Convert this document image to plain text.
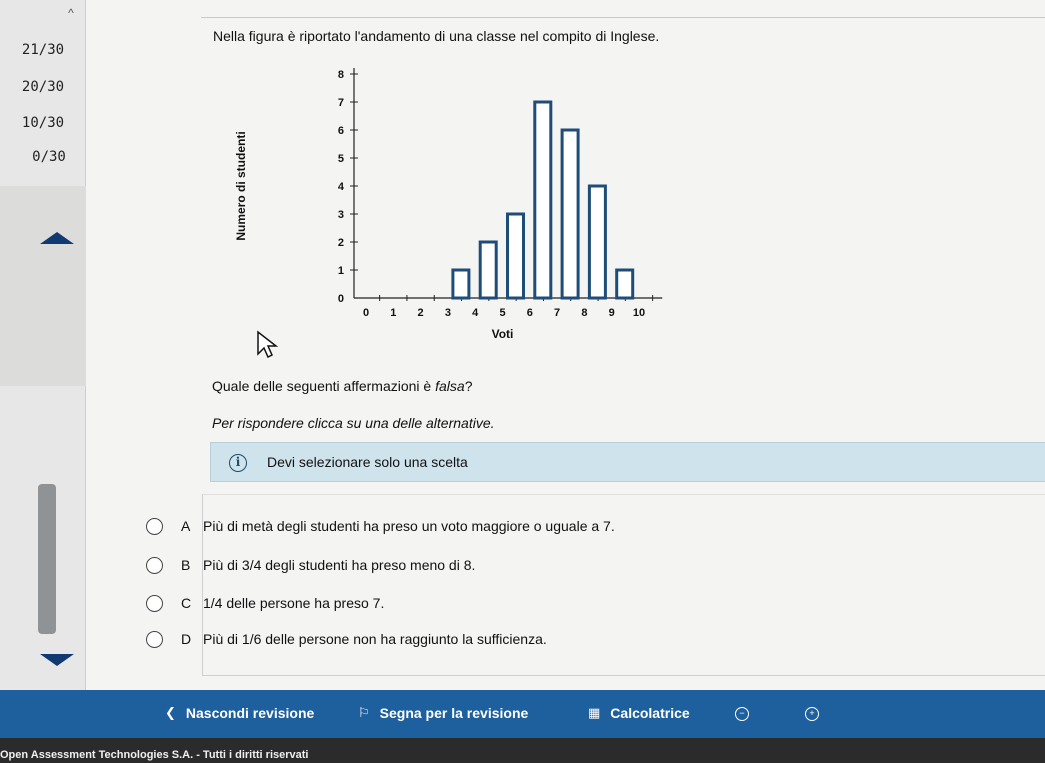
^
21/30
20/30
10/30
0/30
Nella figura è riportato l'andamento di una classe nel compito di Inglese.
0
1
2
3
4
5
6
7
8
0 1 2 3 4 5 6 7 8 9 10
Voti
Numero di studenti
Quale delle seguenti affermazioni è falsa?
Per rispondere clicca su una delle alternative.
i	Devi selezionare solo una scelta
A Più di metà degli studenti ha preso un voto maggiore o uguale a 7.
B Più di 3/4 degli studenti ha preso meno di 8.
C 1/4 delle persone ha preso 7.
D Più di 1/6 delle persone non ha raggiunto la sufficienza.
❮ Nascondi revisione	⚐ Segna per la revisione	▦ Calcolatrice	−	+
Open Assessment Technologies S.A. - Tutti i diritti riservati
